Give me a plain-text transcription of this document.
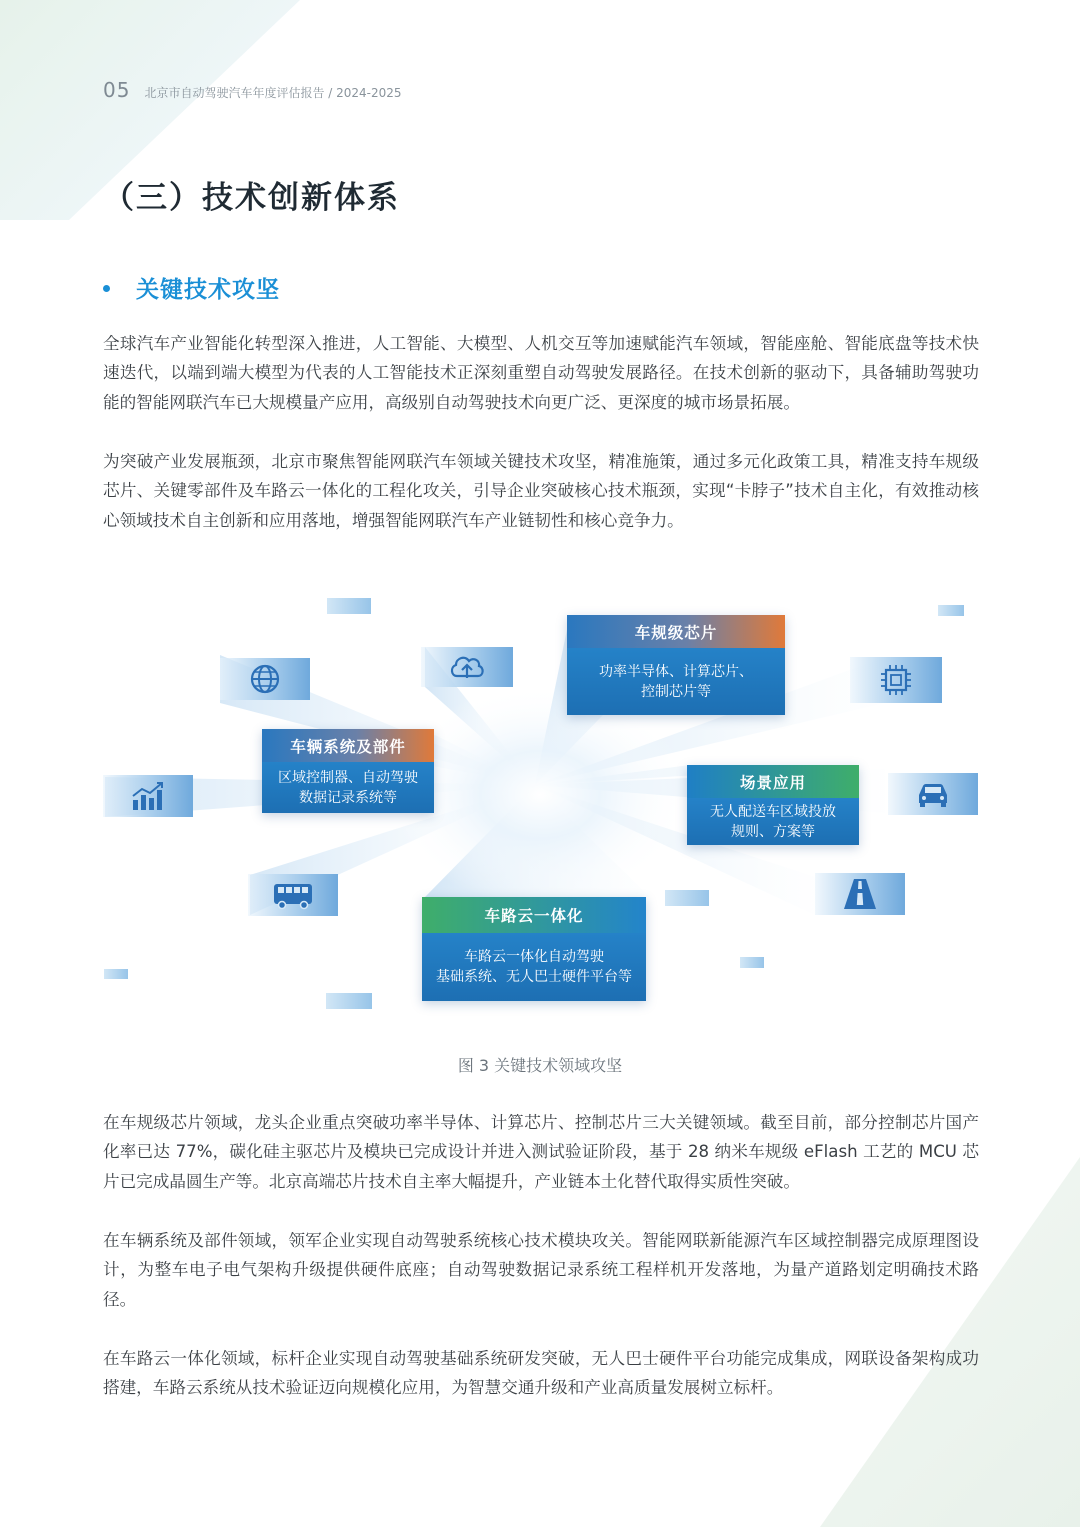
05 北京市自动驾驶汽车年度评估报告 / 2024-2025
（三）技术创新体系
关键技术攻坚

全球汽车产业智能化转型深入推进，人工智能、大模型、人机交互等加速赋能汽车领域，智能座舱、智能底盘等技术快速迭代，以端到端大模型为代表的人工智能技术正深刻重塑自动驾驶发展路径。在技术创新的驱动下，具备辅助驾驶功能的智能网联汽车已大规模量产应用，高级别自动驾驶技术向更广泛、更深度的城市场景拓展。

为突破产业发展瓶颈，北京市聚焦智能网联汽车领域关键技术攻坚，精准施策，通过多元化政策工具，精准支持车规级芯片、关键零部件及车路云一体化的工程化攻关，引导企业突破核心技术瓶颈，实现“卡脖子”技术自主化，有效推动核心领域技术自主创新和应用落地，增强智能网联汽车产业链韧性和核心竞争力。

车规级芯片
功率半导体、计算芯片、
控制芯片等
车辆系统及部件
区域控制器、自动驾驶
数据记录系统等
场景应用
无人配送车区域投放
规则、方案等
车路云一体化
车路云一体化自动驾驶
基础系统、无人巴士硬件平台等

图 3 关键技术领域攻坚

在车规级芯片领域，龙头企业重点突破功率半导体、计算芯片、控制芯片三大关键领域。截至目前，部分控制芯片国产化率已达 77%，碳化硅主驱芯片及模块已完成设计并进入测试验证阶段，基于 28 纳米车规级 eFlash 工艺的 MCU 芯片已完成晶圆生产等。北京高端芯片技术自主率大幅提升，产业链本土化替代取得实质性突破。

在车辆系统及部件领域，领军企业实现自动驾驶系统核心技术模块攻关。智能网联新能源汽车区域控制器完成原理图设计，为整车电子电气架构升级提供硬件底座；自动驾驶数据记录系统工程样机开发落地，为量产道路划定明确技术路径。

在车路云一体化领域，标杆企业实现自动驾驶基础系统研发突破，无人巴士硬件平台功能完成集成，网联设备架构成功搭建，车路云系统从技术验证迈向规模化应用，为智慧交通升级和产业高质量发展树立标杆。
